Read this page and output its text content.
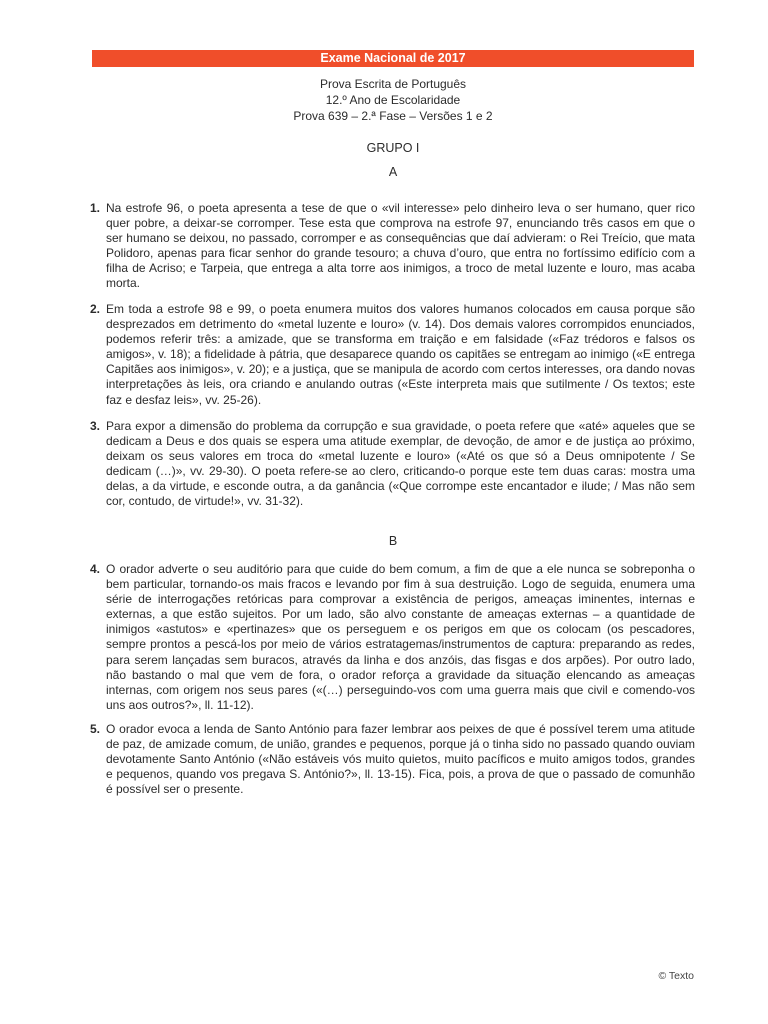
Exame Nacional de 2017
Prova Escrita de Português
12.º Ano de Escolaridade
Prova 639 – 2.ª Fase – Versões 1 e 2
GRUPO I
A
1. Na estrofe 96, o poeta apresenta a tese de que o «vil interesse» pelo dinheiro leva o ser humano, quer rico quer pobre, a deixar-se corromper. Tese esta que comprova na estrofe 97, enunciando três casos em que o ser humano se deixou, no passado, corromper e as consequências que daí advieram: o Rei Treício, que mata Polidoro, apenas para ficar senhor do grande tesouro; a chuva d’ouro, que entra no fortíssimo edifício com a filha de Acriso; e Tarpeia, que entrega a alta torre aos inimigos, a troco de metal luzente e louro, mas acaba morta.
2. Em toda a estrofe 98 e 99, o poeta enumera muitos dos valores humanos colocados em causa porque são desprezados em detrimento do «metal luzente e louro» (v. 14). Dos demais valores corrompidos enunciados, podemos referir três: a amizade, que se transforma em traição e em falsidade («Faz trédoros e falsos os amigos», v. 18); a fidelidade à pátria, que desaparece quando os capitães se entregam ao inimigo («E entrega Capitães aos inimigos», v. 20); e a justiça, que se manipula de acordo com certos interesses, ora dando novas interpretações às leis, ora criando e anulando outras («Este interpreta mais que sutilmente / Os textos; este faz e desfaz leis», vv. 25-26).
3. Para expor a dimensão do problema da corrupção e sua gravidade, o poeta refere que «até» aqueles que se dedicam a Deus e dos quais se espera uma atitude exemplar, de devoção, de amor e de justiça ao próximo, deixam os seus valores em troca do «metal luzente e louro» («Até os que só a Deus omnipotente / Se dedicam (…)», vv. 29-30). O poeta refere-se ao clero, criticando-o porque este tem duas caras: mostra uma delas, a da virtude, e esconde outra, a da ganância («Que corrompe este encantador e ilude; / Mas não sem cor, contudo, de virtude!», vv. 31-32).
B
4. O orador adverte o seu auditório para que cuide do bem comum, a fim de que a ele nunca se sobreponha o bem particular, tornando-os mais fracos e levando por fim à sua destruição. Logo de seguida, enumera uma série de interrogações retóricas para comprovar a existência de perigos, ameaças iminentes, internas e externas, a que estão sujeitos. Por um lado, são alvo constante de ameaças externas – a quantidade de inimigos «astutos» e «pertinazes» que os perseguem e os perigos em que os colocam (os pescadores, sempre prontos a pescá-los por meio de vários estratagemas/instrumentos de captura: preparando as redes, para serem lançadas sem buracos, através da linha e dos anzóis, das fisgas e dos arpões). Por outro lado, não bastando o mal que vem de fora, o orador reforça a gravidade da situação elencando as ameaças internas, com origem nos seus pares («(…) perseguindo-vos com uma guerra mais que civil e comendo-vos uns aos outros?», ll. 11-12).
5. O orador evoca a lenda de Santo António para fazer lembrar aos peixes de que é possível terem uma atitude de paz, de amizade comum, de união, grandes e pequenos, porque já o tinha sido no passado quando ouviam devotamente Santo António («Não estáveis vós muito quietos, muito pacíficos e muito amigos todos, grandes e pequenos, quando vos pregava S. António?», ll. 13-15). Fica, pois, a prova de que o passado de comunhão é possível ser o presente.
© Texto
